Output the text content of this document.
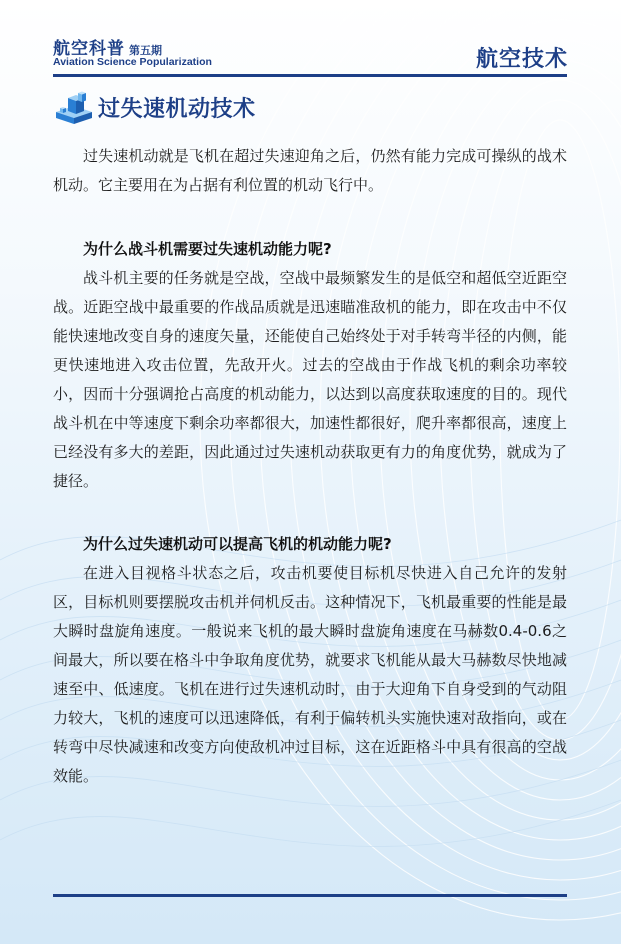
航空科普 第五期
Aviation Science Popularization	航空技术
过失速机动技术

过失速机动就是飞机在超过失速迎角之后，仍然有能力完成可操纵的战术机动。它主要用在为占据有利位置的机动飞行中。

为什么战斗机需要过失速机动能力呢?

战斗机主要的任务就是空战，空战中最频繁发生的是低空和超低空近距空战。近距空战中最重要的作战品质就是迅速瞄准敌机的能力，即在攻击中不仅能快速地改变自身的速度矢量，还能使自己始终处于对手转弯半径的内侧，能更快速地进入攻击位置，先敌开火。过去的空战由于作战飞机的剩余功率较小，因而十分强调抢占高度的机动能力，以达到以高度获取速度的目的。现代战斗机在中等速度下剩余功率都很大，加速性都很好，爬升率都很高，速度上已经没有多大的差距，因此通过过失速机动获取更有力的角度优势，就成为了捷径。

为什么过失速机动可以提高飞机的机动能力呢?

在进入目视格斗状态之后，攻击机要使目标机尽快进入自己允许的发射区，目标机则要摆脱攻击机并伺机反击。这种情况下，飞机最重要的性能是最大瞬时盘旋角速度。一般说来飞机的最大瞬时盘旋角速度在马赫数0.4-0.6之间最大，所以要在格斗中争取角度优势，就要求飞机能从最大马赫数尽快地减速至中、低速度。飞机在进行过失速机动时，由于大迎角下自身受到的气动阻力较大，飞机的速度可以迅速降低，有利于偏转机头实施快速对敌指向，或在转弯中尽快减速和改变方向使敌机冲过目标，这在近距格斗中具有很高的空战效能。
